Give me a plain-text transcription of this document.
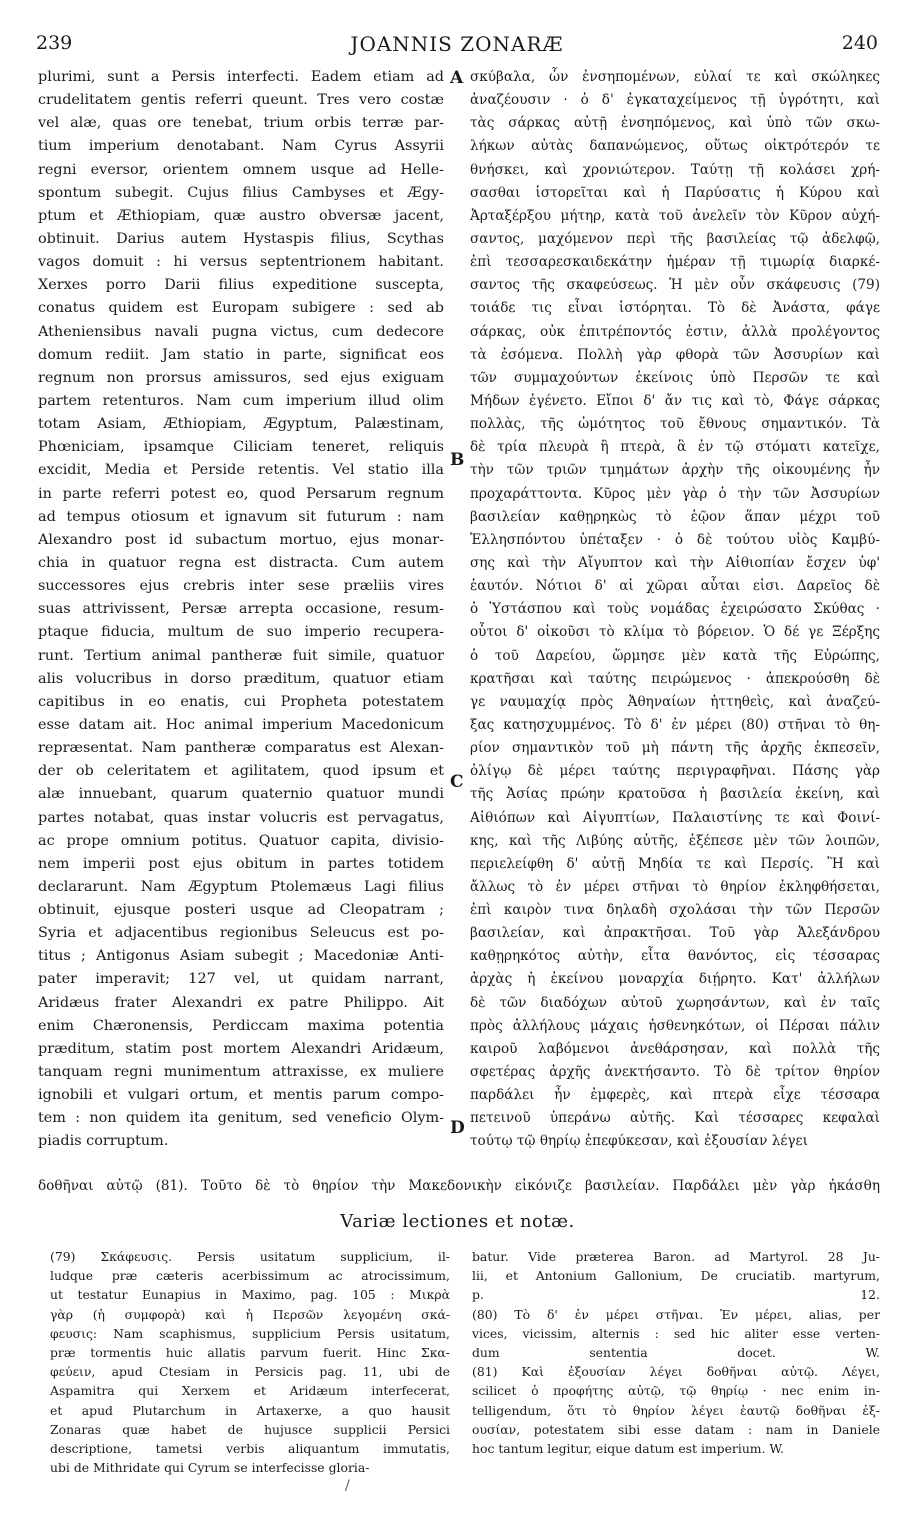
239	JOANNIS ZONARÆ	240
plurimi, sunt a Persis interfecti. Eadem etiam ad
crudelitatem gentis referri queunt. Tres vero costæ
vel alæ, quas ore tenebat, trium orbis terræ par-
tium imperium denotabant. Nam Cyrus Assyrii
regni eversor, orientem omnem usque ad Helle-
spontum subegit. Cujus filius Cambyses et Ægy-
ptum et Æthiopiam, quæ austro obversæ jacent,
obtinuit. Darius autem Hystaspis filius, Scythas
vagos domuit : hi versus septentrionem habitant.
Xerxes porro Darii filius expeditione suscepta,
conatus quidem est Europam subigere : sed ab
Atheniensibus navali pugna victus, cum dedecore
domum rediit. Jam statio in parte, significat eos
regnum non prorsus amissuros, sed ejus exiguam
partem retenturos. Nam cum imperium illud olim
totam Asiam, Æthiopiam, Ægyptum, Palæstinam,
Phœniciam, ipsamque Ciliciam teneret, reliquis
excidit, Media et Perside retentis. Vel statio illa
in parte referri potest eo, quod Persarum regnum
ad tempus otiosum et ignavum sit futurum : nam
Alexandro post id subactum mortuo, ejus monar-
chia in quatuor regna est distracta. Cum autem
successores ejus crebris inter sese præliis vires
suas attrivissent, Persæ arrepta occasione, resum-
ptaque fiducia, multum de suo imperio recupera-
runt. Tertium animal pantheræ fuit simile, quatuor
alis volucribus in dorso præditum, quatuor etiam
capitibus in eo enatis, cui Propheta potestatem
esse datam ait. Hoc animal imperium Macedonicum
repræsentat. Nam pantheræ comparatus est Alexan-
der ob celeritatem et agilitatem, quod ipsum et
alæ innuebant, quarum quaternio quatuor mundi
partes notabat, quas instar volucris est pervagatus,
ac prope omnium potitus. Quatuor capita, divisio-
nem imperii post ejus obitum in partes totidem
declararunt. Nam Ægyptum Ptolemæus Lagi filius
obtinuit, ejusque posteri usque ad Cleopatram ;
Syria et adjacentibus regionibus Seleucus est po-
titus ; Antigonus Asiam subegit ; Macedoniæ Anti-
pater imperavit; 127 vel, ut quidam narrant,
Aridæus frater Alexandri ex patre Philippo. Ait
enim Chæronensis, Perdiccam maxima potentia
præditum, statim post mortem Alexandri Aridæum,
tanquam regni munimentum attraxisse, ex muliere
ignobili et vulgari ortum, et mentis parum compo-
tem : non quidem ita genitum, sed veneficio Olym-
piadis corruptum.
σκύβαλα, ὧν ἐνσηπομένων, εὐλαί τε καὶ σκώληκες
ἀναζέουσιν · ὁ δ' ἐγκαταχείμενος τῇ ὑγρότητι, καὶ
τὰς σάρκας αὐτῇ ἐνσηπόμενος, καὶ ὑπὸ τῶν σκω-
λήκων αὐτὰς δαπανώμενος, οὕτως οἰκτρότερόν τε
θνήσκει, καὶ χρονιώτερον. Ταύτῃ τῇ κολάσει χρή-
σασθαι ἱστορεῖται καὶ ἡ Παρύσατις ἡ Κύρου καὶ
Ἀρταξέρξου μήτηρ, κατὰ τοῦ ἀνελεῖν τὸν Κῦρον αὐχή-
σαντος, μαχόμενον περὶ τῆς βασιλείας τῷ ἀδελφῷ,
ἐπὶ τεσσαρεσκαιδεκάτην ἡμέραν τῇ τιμωρίᾳ διαρκέ-
σαντος τῆς σκαφεύσεως. Ἡ μὲν οὖν σκάφευσις (79)
τοιάδε τις εἶναι ἱστόρηται. Τὸ δὲ Ἀνάστα, φάγε
σάρκας, οὐκ ἐπιτρέποντός ἐστιν, ἀλλὰ προλέγοντος
τὰ ἐσόμενα. Πολλὴ γὰρ φθορὰ τῶν Ἀσσυρίων καὶ
τῶν συμμαχούντων ἐκείνοις ὑπὸ Περσῶν τε καὶ
Μήδων ἐγένετο. Εἴποι δ' ἄν τις καὶ τὸ, Φάγε σάρκας
πολλὰς, τῆς ὠμότητος τοῦ ἔθνους σημαντικόν. Τὰ
δὲ τρία πλευρὰ ἢ πτερὰ, ἃ ἐν τῷ στόματι κατεῖχε,
τὴν τῶν τριῶν τμημάτων ἀρχὴν τῆς οἰκουμένης ἦν
προχαράττοντα. Κῦρος μὲν γὰρ ὁ τὴν τῶν Ἀσσυρίων
βασιλείαν καθῃρηκὼς τὸ ἑῷον ἅπαν μέχρι τοῦ
Ἑλλησπόντου ὑπέταξεν · ὁ δὲ τούτου υἱὸς Καμβύ-
σης καὶ τὴν Αἴγυπτον καὶ τὴν Αἰθιοπίαν ἔσχεν ὑφ'
ἑαυτόν. Νότιοι δ' αἱ χῶραι αὗται εἰσι. Δαρεῖος δὲ
ὁ Ὑστάσπου καὶ τοὺς νομάδας ἐχειρώσατο Σκύθας ·
οὗτοι δ' οἰκοῦσι τὸ κλίμα τὸ βόρειον. Ὁ δέ γε Ξέρξης
ὁ τοῦ Δαρείου, ὥρμησε μὲν κατὰ τῆς Εὐρώπης,
κρατῆσαι καὶ ταύτης πειρώμενος · ἀπεκρούσθη δὲ
γε ναυμαχίᾳ πρὸς Ἀθηναίων ἡττηθεὶς, καὶ ἀναζεύ-
ξας κατησχυμμένος. Τὸ δ' ἐν μέρει (80) στῆναι τὸ θη-
ρίον σημαντικὸν τοῦ μὴ πάντη τῆς ἀρχῆς ἐκπεσεῖν,
ὀλίγῳ δὲ μέρει ταύτης περιγραφῆναι. Πάσης γὰρ
τῆς Ἀσίας πρώην κρατοῦσα ἡ βασιλεία ἐκείνη, καὶ
Αἰθιόπων καὶ Αἰγυπτίων, Παλαιστίνης τε καὶ Φοινί-
κης, καὶ τῆς Λιβύης αὐτῆς, ἐξέπεσε μὲν τῶν λοιπῶν,
περιελείφθη δ' αὐτῇ Μηδία τε καὶ Περσίς. Ἢ καὶ
ἄλλως τὸ ἐν μέρει στῆναι τὸ θηρίον ἐκληφθήσεται,
ἐπὶ καιρὸν τινα δηλαδὴ σχολάσαι τὴν τῶν Περσῶν
βασιλείαν, καὶ ἀπρακτῆσαι. Τοῦ γὰρ Ἀλεξάνδρου
καθῃρηκότος αὐτὴν, εἶτα θανόντος, εἰς τέσσαρας
ἀρχὰς ἡ ἐκείνου μοναρχία διῄρητο. Κατ' ἀλλήλων
δὲ τῶν διαδόχων αὐτοῦ χωρησάντων, καὶ ἐν ταῖς
πρὸς ἀλλήλους μάχαις ἠσθενηκότων, οἱ Πέρσαι πάλιν
καιροῦ λαβόμενοι ἀνεθάρσησαν, καὶ πολλὰ τῆς
σφετέρας ἀρχῆς ἀνεκτήσαντο. Τὸ δὲ τρίτον θηρίον
παρδάλει ἦν ἐμφερὲς, καὶ πτερὰ εἶχε τέσσαρα
πετεινοῦ ὑπεράνω αὐτῆς. Καὶ τέσσαρες κεφαλαὶ
τούτῳ τῷ θηρίῳ ἐπεφύκεσαν, καὶ ἐξουσίαν λέγει
A
B
C
D
δοθῆναι αὐτῷ (81). Τοῦτο δὲ τὸ θηρίον τὴν Μακεδονικὴν εἰκόνιζε βασιλείαν. Παρδάλει μὲν γὰρ ἠκάσθη
Variæ lectiones et notæ.
(79) Σκάφευσις. Persis usitatum supplicium, il-
ludque præ cæteris acerbissimum ac atrocissimum,
ut testatur Eunapius in Maximo, pag. 105 : Μικρὰ
γὰρ (ἡ συμφορὰ) καὶ ἡ Περσῶν λεγομένη σκά-
φευσις: Nam scaphismus, supplicium Persis usitatum,
præ tormentis huic allatis parvum fuerit. Hinc Σκα-
φεύειν, apud Ctesiam in Persicis pag. 11, ubi de
Aspamitra qui Xerxem et Aridæum interfecerat,
et apud Plutarchum in Artaxerxe, a quo hausit
Zonaras quæ habet de hujusce supplicii Persici
descriptione, tametsi verbis aliquantum immutatis,
ubi de Mithridate qui Cyrum se interfecisse gloria-
batur. Vide præterea Baron. ad Martyrol. 28 Ju-
lii, et Antonium Gallonium, De cruciatib. martyrum,
p. 12.
(80) Τὸ δ' ἐν μέρει στῆναι. Ἐν μέρει, alias, per
vices, vicissim, alternis : sed hic aliter esse verten-
dum sententia docet. W.
(81) Καὶ ἐξουσίαν λέγει δοθῆναι αὐτῷ. Λέγει,
scilicet ὁ προφήτης αὐτῷ, τῷ θηρίῳ · nec enim in-
telligendum, ὅτι τὸ θηρίον λέγει ἑαυτῷ δοθῆναι ἐξ-
ουσίαν, potestatem sibi esse datam : nam in Daniele
hoc tantum legitur, eique datum est imperium. W.
/
